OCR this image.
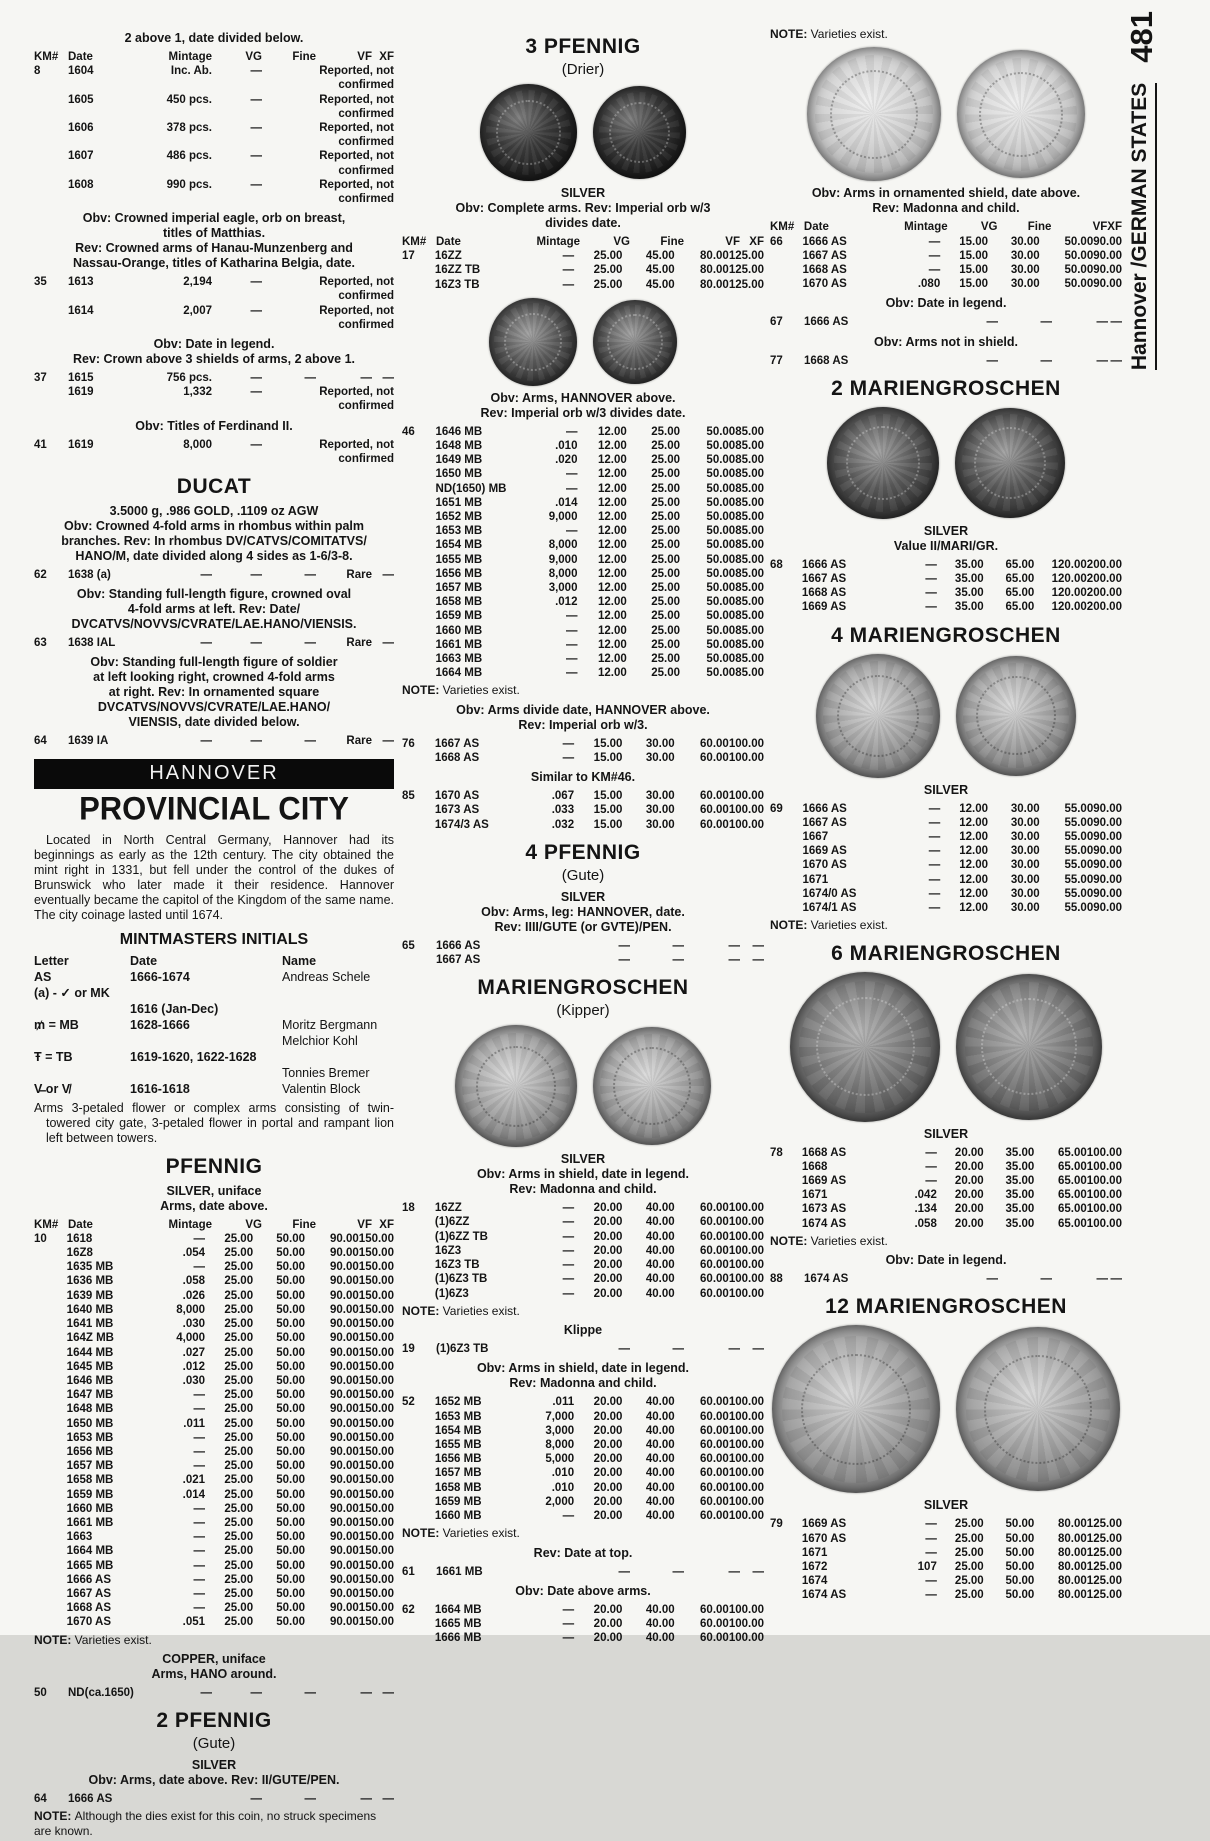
2 above 1, date divided below.
KM# Date	Mintage	VG	Fine	VF XF
8	1604	Inc. Ab.	—	Reported, not confirmed
1605	450 pcs.	—	Reported, not confirmed
1606	378 pcs.	—	Reported, not confirmed
1607	486 pcs.	—	Reported, not confirmed
1608	990 pcs.	—	Reported, not confirmed
Obv: Crowned imperial eagle, orb on breast,
titles of Matthias.
Rev: Crowned arms of Hanau-Munzenberg and
Nassau-Orange, titles of Katharina Belgia, date.
35	1613	2,194	—	Reported, not confirmed
1614	2,007	—	Reported, not confirmed
Obv: Date in legend.
Rev: Crown above 3 shields of arms, 2 above 1.
37	1615	756 pcs.	—	—	— —
1619	1,332	—	Reported, not confirmed
Obv: Titles of Ferdinand II.
41	1619	8,000	—	Reported, not confirmed
DUCAT
3.5000 g, .986 GOLD, .1109 oz AGW
Obv: Crowned 4-fold arms in rhombus within palm
branches. Rev: In rhombus DV/CATVS/COMITATVS/
HANO/M, date divided along 4 sides as 1-6/3-8.
62	1638 (a)	—	—	—	Rare —
Obv: Standing full-length figure, crowned oval
4-fold arms at left. Rev: Date/
DVCATVS/NOVVS/CVRATE/LAE.HANO/VIENSIS.
63	1638 IAL	—	—	—	Rare —
Obv: Standing full-length figure of soldier
at left looking right, crowned 4-fold arms
at right. Rev: In ornamented square
DVCATVS/NOVVS/CVRATE/LAE.HANO/
VIENSIS, date divided below.
64	1639 IA	—	—	—	Rare —
HANNOVER
PROVINCIAL CITY
Located in North Central Germany, Hannover had its beginnings as early as the 12th century. The city obtained the mint right in 1331, but fell under the control of the dukes of Brunswick who later made it their residence. Hannover eventually became the capitol of the Kingdom of the same name. The city coinage lasted until 1674.
MINTMASTERS INITIALS
Letter	Date	Name
AS	1666-1674	Andreas Schele
(a) - ✓ or MK
1616 (Jan-Dec)
₥ = MB	1628-1666	Moritz Bergmann
Melchior Kohl
Ŧ = TB	1619-1620, 1622-1628
Tonnies Bremer
V̶ or V̸	1616-1618	Valentin Block
Arms 3-petaled flower or complex arms consisting of twin-towered city gate, 3-petaled flower in portal and rampant lion left between towers.
PFENNIG
SILVER, uniface
Arms, date above.
KM# Date	Mintage	VG	Fine	VF XF
10	1618	—	25.00	50.00	90.00 150.00
16Z8	.054	25.00	50.00	90.00 150.00
1635 MB	—	25.00	50.00	90.00 150.00
1636 MB	.058	25.00	50.00	90.00 150.00
1639 MB	.026	25.00	50.00	90.00 150.00
1640 MB	8,000	25.00	50.00	90.00 150.00
1641 MB	.030	25.00	50.00	90.00 150.00
164Z MB	4,000	25.00	50.00	90.00 150.00
1644 MB	.027	25.00	50.00	90.00 150.00
1645 MB	.012	25.00	50.00	90.00 150.00
1646 MB	.030	25.00	50.00	90.00 150.00
1647 MB	—	25.00	50.00	90.00 150.00
1648 MB	—	25.00	50.00	90.00 150.00
1650 MB	.011	25.00	50.00	90.00 150.00
1653 MB	—	25.00	50.00	90.00 150.00
1656 MB	—	25.00	50.00	90.00 150.00
1657 MB	—	25.00	50.00	90.00 150.00
1658 MB	.021	25.00	50.00	90.00 150.00
1659 MB	.014	25.00	50.00	90.00 150.00
1660 MB	—	25.00	50.00	90.00 150.00
1661 MB	—	25.00	50.00	90.00 150.00
1663	—	25.00	50.00	90.00 150.00
1664 MB	—	25.00	50.00	90.00 150.00
1665 MB	—	25.00	50.00	90.00 150.00
1666 AS	—	25.00	50.00	90.00 150.00
1667 AS	—	25.00	50.00	90.00 150.00
1668 AS	—	25.00	50.00	90.00 150.00
1670 AS	.051	25.00	50.00	90.00 150.00
NOTE: Varieties exist.
COPPER, uniface
Arms, HANO around.
50	ND(ca.1650)	—	—	—	— —
2 PFENNIG
(Gute)
SILVER
Obv: Arms, date above. Rev: II/GUTE/PEN.
64	1666 AS	—	—	— —
NOTE: Although the dies exist for this coin, no struck specimens are known.
3 PFENNIG
(Drier)
SILVER
Obv: Complete arms. Rev: Imperial orb w/3
divides date.
KM# Date	Mintage	VG	Fine	VF XF
17	16ZZ	—	25.00	45.00	80.00 125.00
16ZZ TB	—	25.00	45.00	80.00 125.00
16Z3 TB	—	25.00	45.00	80.00 125.00
Obv: Arms, HANNOVER above.
Rev: Imperial orb w/3 divides date.
46	1646 MB	—	12.00	25.00	50.00 85.00
1648 MB	.010	12.00	25.00	50.00 85.00
1649 MB	.020	12.00	25.00	50.00 85.00
1650 MB	—	12.00	25.00	50.00 85.00
ND(1650) MB	—	12.00	25.00	50.00 85.00
1651 MB	.014	12.00	25.00	50.00 85.00
1652 MB	9,000	12.00	25.00	50.00 85.00
1653 MB	—	12.00	25.00	50.00 85.00
1654 MB	8,000	12.00	25.00	50.00 85.00
1655 MB	9,000	12.00	25.00	50.00 85.00
1656 MB	8,000	12.00	25.00	50.00 85.00
1657 MB	3,000	12.00	25.00	50.00 85.00
1658 MB	.012	12.00	25.00	50.00 85.00
1659 MB	—	12.00	25.00	50.00 85.00
1660 MB	—	12.00	25.00	50.00 85.00
1661 MB	—	12.00	25.00	50.00 85.00
1663 MB	—	12.00	25.00	50.00 85.00
1664 MB	—	12.00	25.00	50.00 85.00
NOTE: Varieties exist.
Obv: Arms divide date, HANNOVER above.
Rev: Imperial orb w/3.
76	1667 AS	—	15.00	30.00	60.00 100.00
1668 AS	—	15.00	30.00	60.00 100.00
Similar to KM#46.
85	1670 AS	.067	15.00	30.00	60.00 100.00
1673 AS	.033	15.00	30.00	60.00 100.00
1674/3 AS	.032	15.00	30.00	60.00 100.00
4 PFENNIG
(Gute)
SILVER
Obv: Arms, leg: HANNOVER, date.
Rev: IIII/GUTE (or GVTE)/PEN.
65	1666 AS	—	—	—	—
1667 AS	—	—	—	—
MARIENGROSCHEN
(Kipper)
SILVER
Obv: Arms in shield, date in legend.
Rev: Madonna and child.
18	16ZZ	—	20.00	40.00	60.00 100.00
(1)6ZZ	—	20.00	40.00	60.00 100.00
(1)6ZZ TB	—	20.00	40.00	60.00 100.00
16Z3	—	20.00	40.00	60.00 100.00
16Z3 TB	—	20.00	40.00	60.00 100.00
(1)6Z3 TB	—	20.00	40.00	60.00 100.00
(1)6Z3	—	20.00	40.00	60.00 100.00
NOTE: Varieties exist.
Klippe
19	(1)6Z3 TB	—	—	—	—
Obv: Arms in shield, date in legend.
Rev: Madonna and child.
52	1652 MB	.011	20.00	40.00	60.00 100.00
1653 MB	7,000	20.00	40.00	60.00 100.00
1654 MB	3,000	20.00	40.00	60.00 100.00
1655 MB	8,000	20.00	40.00	60.00 100.00
1656 MB	5,000	20.00	40.00	60.00 100.00
1657 MB	.010	20.00	40.00	60.00 100.00
1658 MB	.010	20.00	40.00	60.00 100.00
1659 MB	2,000	20.00	40.00	60.00 100.00
1660 MB	—	20.00	40.00	60.00 100.00
NOTE: Varieties exist.
Rev: Date at top.
61	1661 MB	—	—	—	—
Obv: Date above arms.
62	1664 MB	—	20.00	40.00	60.00 100.00
1665 MB	—	20.00	40.00	60.00 100.00
1666 MB	—	20.00	40.00	60.00 100.00
NOTE: Varieties exist.
Obv: Arms in ornamented shield, date above.
Rev: Madonna and child.
KM# Date	Mintage	VG	Fine	VF XF
66	1666 AS	—	15.00	30.00	50.00 90.00
1667 AS	—	15.00	30.00	50.00 90.00
1668 AS	—	15.00	30.00	50.00 90.00
1670 AS	.080	15.00	30.00	50.00 90.00
Obv: Date in legend.
67	1666 AS	—	—	— —
Obv: Arms not in shield.
77	1668 AS	—	—	— —
2 MARIENGROSCHEN
SILVER
Value II/MARI/GR.
68	1666 AS	—	35.00	65.00	120.00 200.00
1667 AS	—	35.00	65.00	120.00 200.00
1668 AS	—	35.00	65.00	120.00 200.00
1669 AS	—	35.00	65.00	120.00 200.00
4 MARIENGROSCHEN
SILVER
69	1666 AS	—	12.00	30.00	55.00 90.00
1667 AS	—	12.00	30.00	55.00 90.00
1667	—	12.00	30.00	55.00 90.00
1669 AS	—	12.00	30.00	55.00 90.00
1670 AS	—	12.00	30.00	55.00 90.00
1671	—	12.00	30.00	55.00 90.00
1674/0 AS	—	12.00	30.00	55.00 90.00
1674/1 AS	—	12.00	30.00	55.00 90.00
NOTE: Varieties exist.
6 MARIENGROSCHEN
SILVER
78	1668 AS	—	20.00	35.00	65.00 100.00
1668	—	20.00	35.00	65.00 100.00
1669 AS	—	20.00	35.00	65.00 100.00
1671	.042	20.00	35.00	65.00 100.00
1673 AS	.134	20.00	35.00	65.00 100.00
1674 AS	.058	20.00	35.00	65.00 100.00
NOTE: Varieties exist.
Obv: Date in legend.
88	1674 AS	—	—	— —
12 MARIENGROSCHEN
SILVER
79	1669 AS	—	25.00	50.00	80.00 125.00
1670 AS	—	25.00	50.00	80.00 125.00
1671	—	25.00	50.00	80.00 125.00
1672	107	25.00	50.00	80.00 125.00
1674	—	25.00	50.00	80.00 125.00
1674 AS	—	25.00	50.00	80.00 125.00
Hannover /GERMAN STATES
481
